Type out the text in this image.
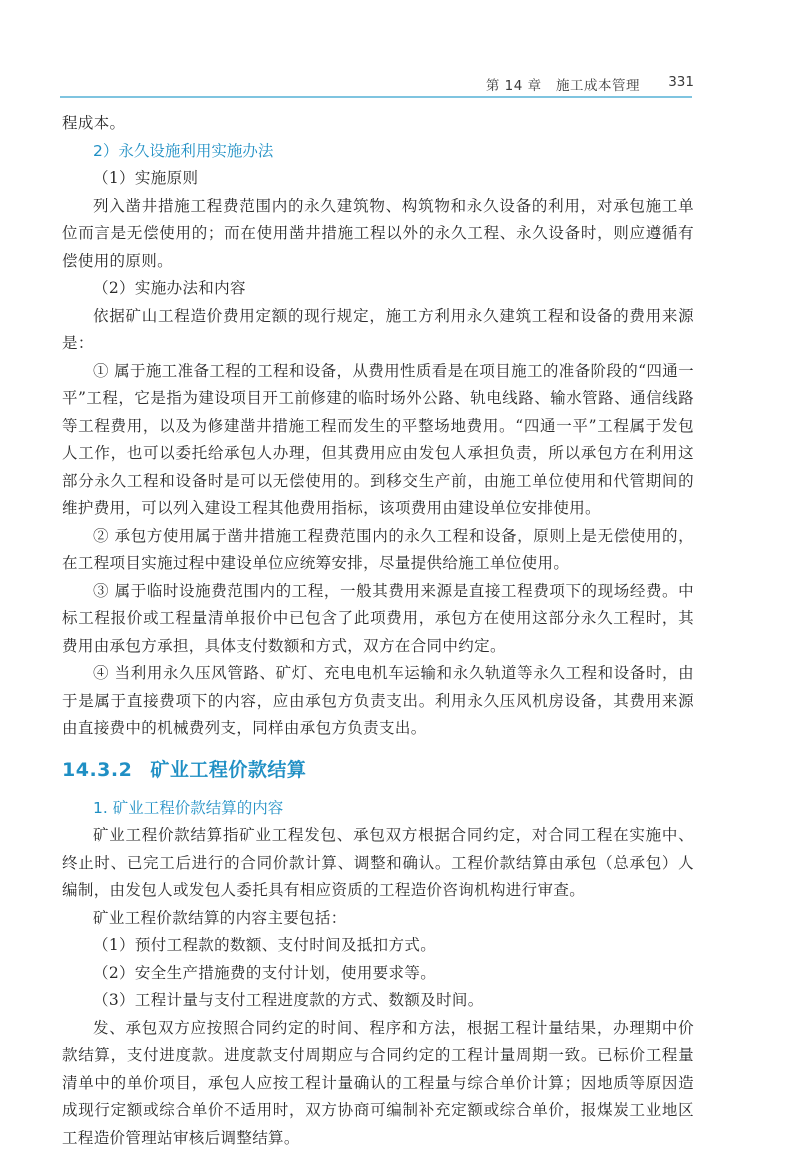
第 14 章 施工成本管理 331

程成本。

2）永久设施利用实施办法

（1）实施原则

列入凿井措施工程费范围内的永久建筑物、构筑物和永久设备的利用，对承包施工单位而言是无偿使用的；而在使用凿井措施工程以外的永久工程、永久设备时，则应遵循有偿使用的原则。

（2）实施办法和内容

依据矿山工程造价费用定额的现行规定，施工方利用永久建筑工程和设备的费用来源是：

① 属于施工准备工程的工程和设备，从费用性质看是在项目施工的准备阶段的“四通一平”工程，它是指为建设项目开工前修建的临时场外公路、轨电线路、输水管路、通信线路等工程费用，以及为修建凿井措施工程而发生的平整场地费用。“四通一平”工程属于发包人工作，也可以委托给承包人办理，但其费用应由发包人承担负责，所以承包方在利用这部分永久工程和设备时是可以无偿使用的。到移交生产前，由施工单位使用和代管期间的维护费用，可以列入建设工程其他费用指标，该项费用由建设单位安排使用。

② 承包方使用属于凿井措施工程费范围内的永久工程和设备，原则上是无偿使用的，在工程项目实施过程中建设单位应统筹安排，尽量提供给施工单位使用。

③ 属于临时设施费范围内的工程，一般其费用来源是直接工程费项下的现场经费。中标工程报价或工程量清单报价中已包含了此项费用，承包方在使用这部分永久工程时，其费用由承包方承担，具体支付数额和方式，双方在合同中约定。

④ 当利用永久压风管路、矿灯、充电电机车运输和永久轨道等永久工程和设备时，由于是属于直接费项下的内容，应由承包方负责支出。利用永久压风机房设备，其费用来源由直接费中的机械费列支，同样由承包方负责支出。

14.3.2 矿业工程价款结算
1. 矿业工程价款结算的内容

矿业工程价款结算指矿业工程发包、承包双方根据合同约定，对合同工程在实施中、终止时、已完工后进行的合同价款计算、调整和确认。工程价款结算由承包（总承包）人编制，由发包人或发包人委托具有相应资质的工程造价咨询机构进行审查。

矿业工程价款结算的内容主要包括：

（1）预付工程款的数额、支付时间及抵扣方式。

（2）安全生产措施费的支付计划，使用要求等。

（3）工程计量与支付工程进度款的方式、数额及时间。

发、承包双方应按照合同约定的时间、程序和方法，根据工程计量结果，办理期中价款结算，支付进度款。进度款支付周期应与合同约定的工程计量周期一致。已标价工程量清单中的单价项目，承包人应按工程计量确认的工程量与综合单价计算；因地质等原因造成现行定额或综合单价不适用时，双方协商可编制补充定额或综合单价，报煤炭工业地区工程造价管理站审核后调整结算。
